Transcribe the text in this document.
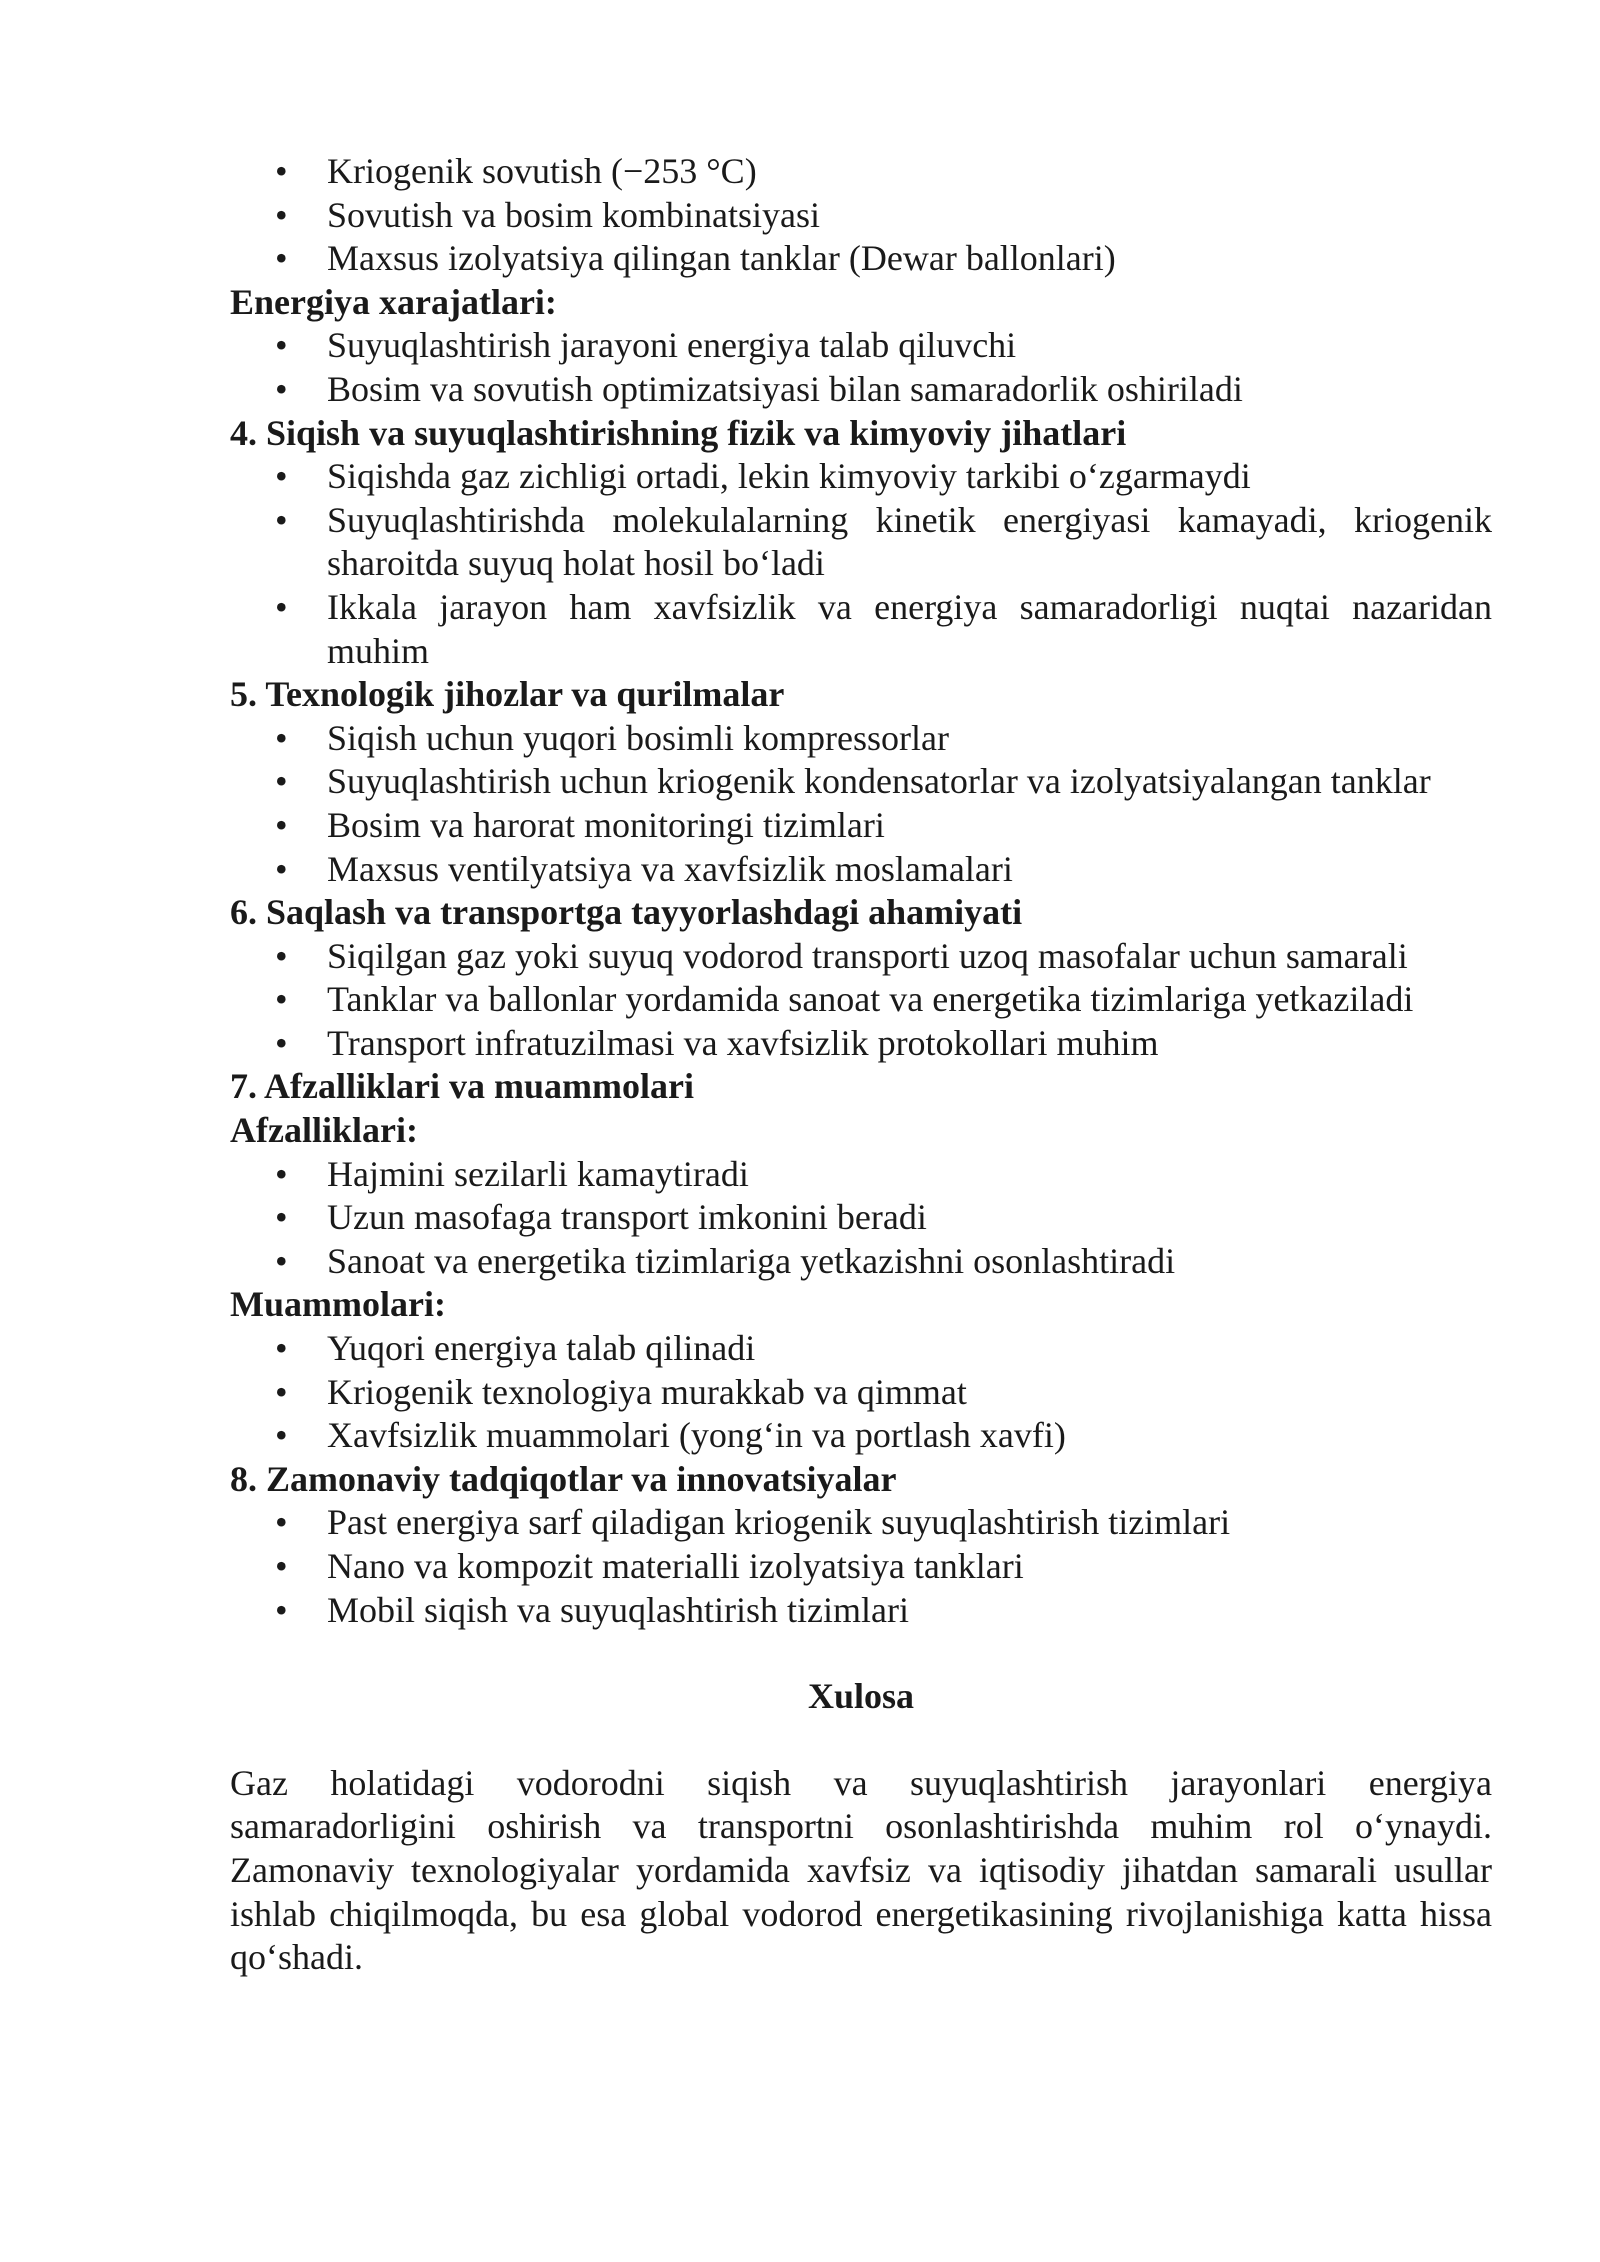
• Kriogenik sovutish (−253 °C)
• Sovutish va bosim kombinatsiyasi
• Maxsus izolyatsiya qilingan tanklar (Dewar ballonlari)
Energiya xarajatlari:
• Suyuqlashtirish jarayoni energiya talab qiluvchi
• Bosim va sovutish optimizatsiyasi bilan samaradorlik oshiriladi
4. Siqish va suyuqlashtirishning fizik va kimyoviy jihatlari
• Siqishda gaz zichligi ortadi, lekin kimyoviy tarkibi o‘zgarmaydi
• Suyuqlashtirishda molekulalarning kinetik energiyasi kamayadi, kriogenik sharoitda suyuq holat hosil bo‘ladi
• Ikkala jarayon ham xavfsizlik va energiya samaradorligi nuqtai nazaridan muhim
5. Texnologik jihozlar va qurilmalar
• Siqish uchun yuqori bosimli kompressorlar
• Suyuqlashtirish uchun kriogenik kondensatorlar va izolyatsiyalangan tanklar
• Bosim va harorat monitoringi tizimlari
• Maxsus ventilyatsiya va xavfsizlik moslamalari
6. Saqlash va transportga tayyorlashdagi ahamiyati
• Siqilgan gaz yoki suyuq vodorod transporti uzoq masofalar uchun samarali
• Tanklar va ballonlar yordamida sanoat va energetika tizimlariga yetkaziladi
• Transport infratuzilmasi va xavfsizlik protokollari muhim
7. Afzalliklari va muammolari
Afzalliklari:
• Hajmini sezilarli kamaytiradi
• Uzun masofaga transport imkonini beradi
• Sanoat va energetika tizimlariga yetkazishni osonlashtiradi
Muammolari:
• Yuqori energiya talab qilinadi
• Kriogenik texnologiya murakkab va qimmat
• Xavfsizlik muammolari (yong‘in va portlash xavfi)
8. Zamonaviy tadqiqotlar va innovatsiyalar
• Past energiya sarf qiladigan kriogenik suyuqlashtirish tizimlari
• Nano va kompozit materialli izolyatsiya tanklari
• Mobil siqish va suyuqlashtirish tizimlari
Xulosa

Gaz holatidagi vodorodni siqish va suyuqlashtirish jarayonlari energiya samaradorligini oshirish va transportni osonlashtirishda muhim rol o‘ynaydi. Zamonaviy texnologiyalar yordamida xavfsiz va iqtisodiy jihatdan samarali usullar ishlab chiqilmoqda, bu esa global vodorod energetikasining rivojlanishiga katta hissa qo‘shadi.
